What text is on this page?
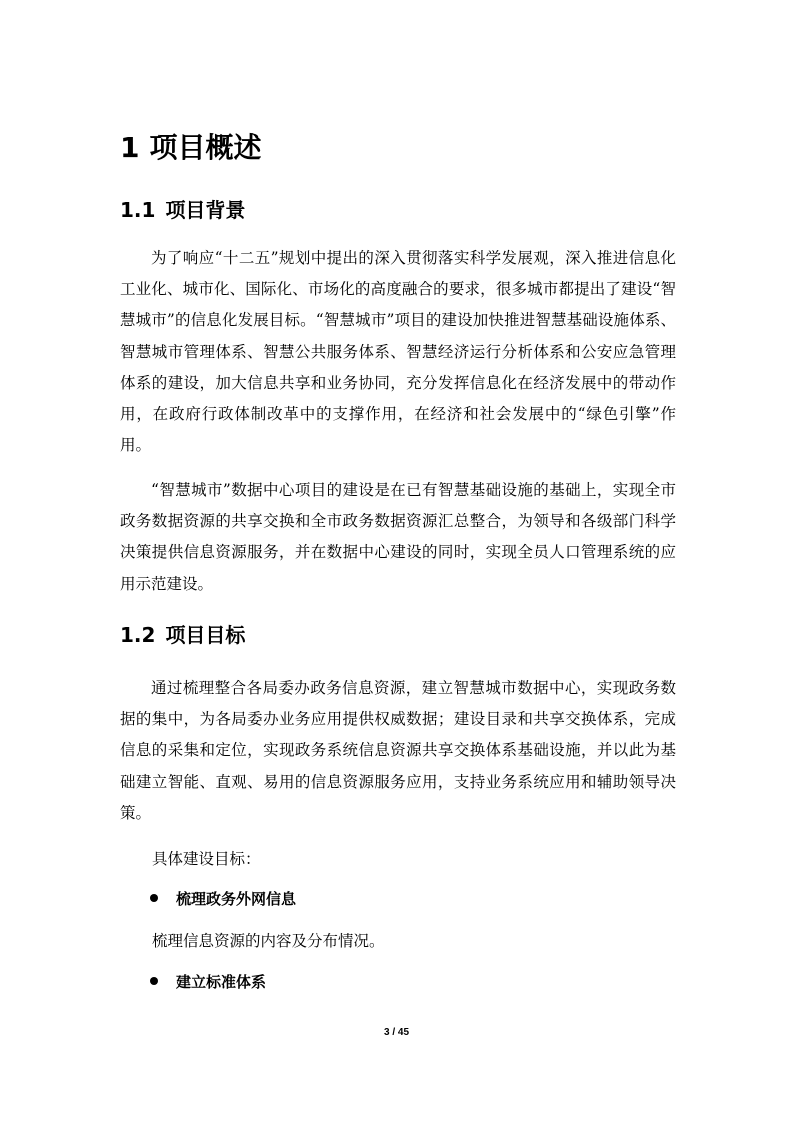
1 项目概述
1.1 项目背景

为了响应“十二五”规划中提出的深入贯彻落实科学发展观，深入推进信息化工业化、城市化、国际化、市场化的高度融合的要求，很多城市都提出了建设“智慧城市”的信息化发展目标。“智慧城市”项目的建设加快推进智慧基础设施体系、智慧城市管理体系、智慧公共服务体系、智慧经济运行分析体系和公安应急管理体系的建设，加大信息共享和业务协同，充分发挥信息化在经济发展中的带动作用，在政府行政体制改革中的支撑作用，在经济和社会发展中的“绿色引擎”作用。

“智慧城市”数据中心项目的建设是在已有智慧基础设施的基础上，实现全市政务数据资源的共享交换和全市政务数据资源汇总整合，为领导和各级部门科学决策提供信息资源服务，并在数据中心建设的同时，实现全员人口管理系统的应用示范建设。

1.2 项目目标

通过梳理整合各局委办政务信息资源，建立智慧城市数据中心，实现政务数据的集中，为各局委办业务应用提供权威数据；建设目录和共享交换体系，完成信息的采集和定位，实现政务系统信息资源共享交换体系基础设施，并以此为基础建立智能、直观、易用的信息资源服务应用，支持业务系统应用和辅助领导决策。

具体建设目标：
梳理政务外网信息
梳理信息资源的内容及分布情况。
建立标准体系
3 / 45
